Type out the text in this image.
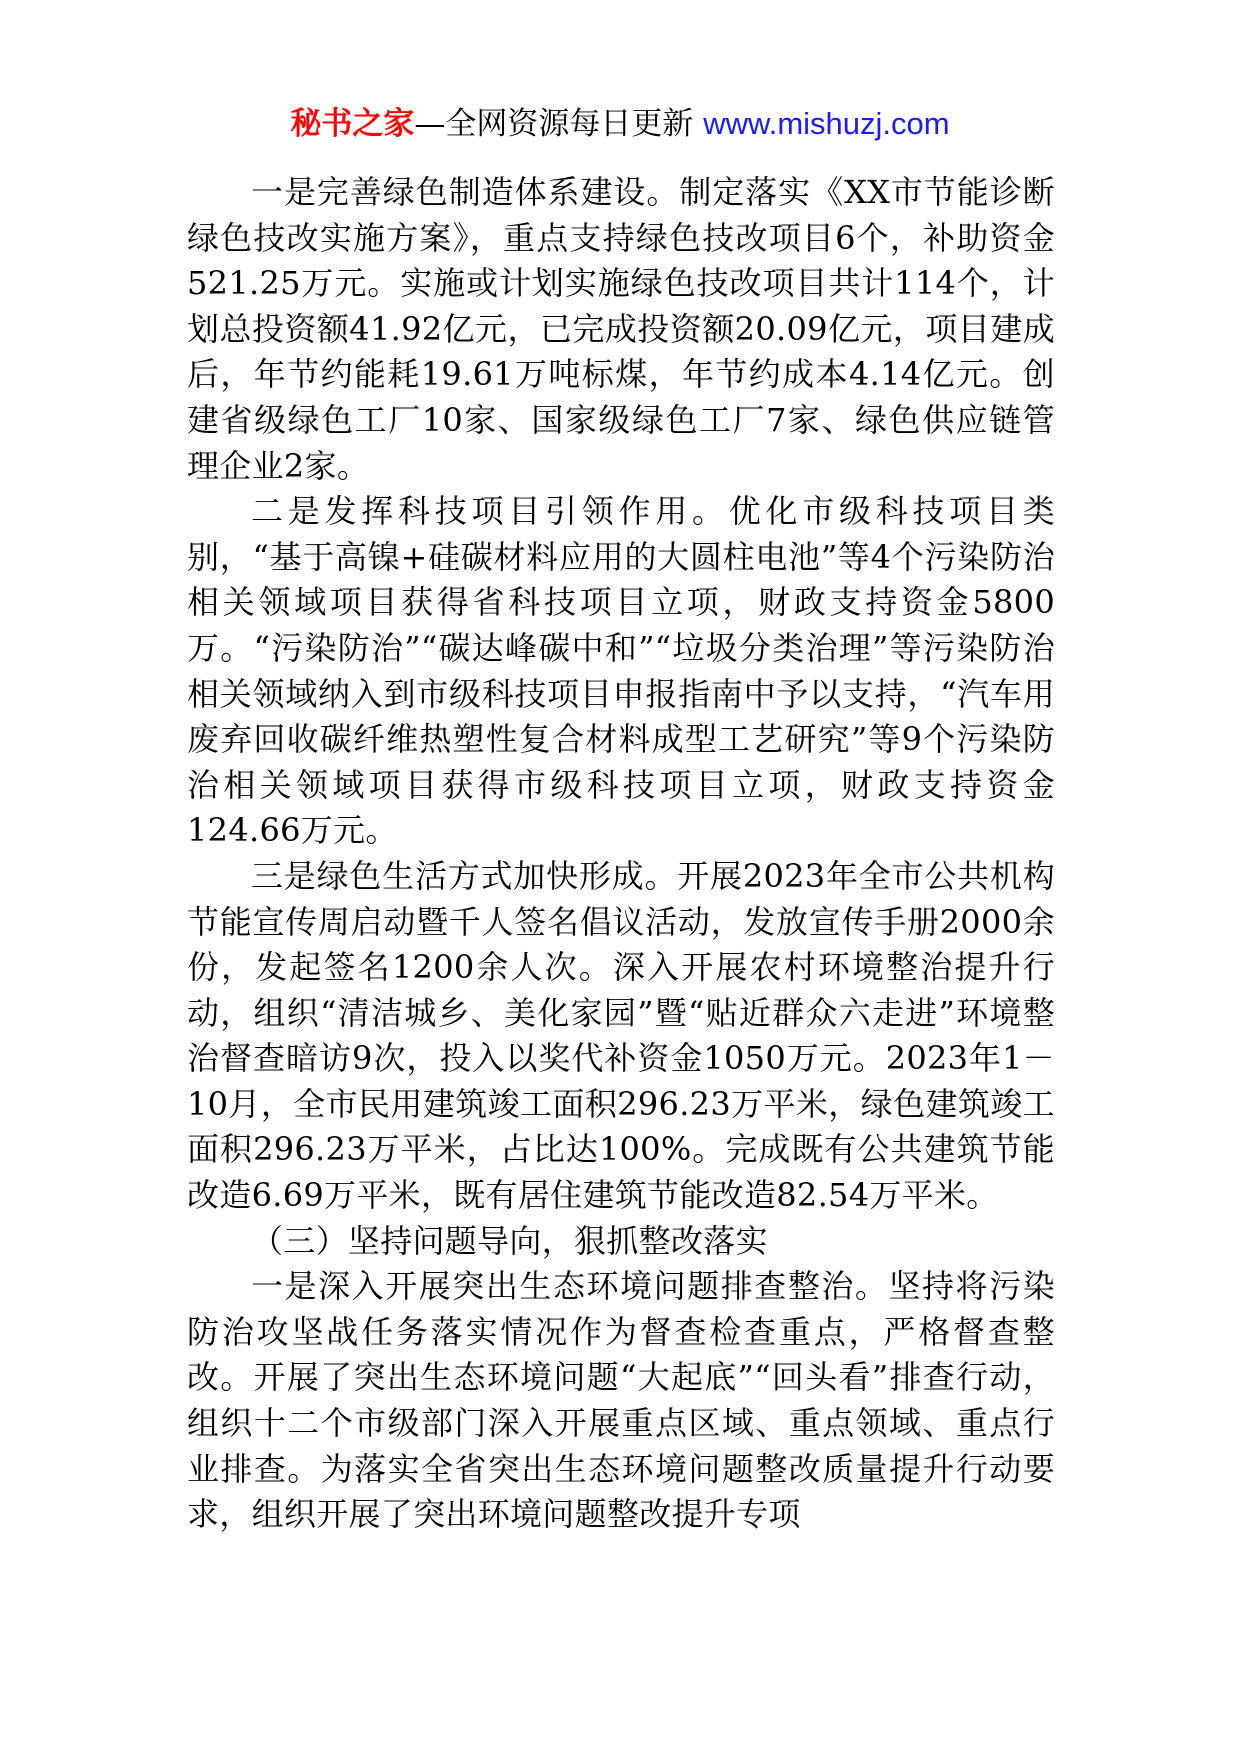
秘书之家—全网资源每日更新 www.mishuzj.com

一是完善绿色制造体系建设。制定落实《XX市节能诊断绿色技改实施方案》，重点支持绿色技改项目6个，补助资金521.25万元。实施或计划实施绿色技改项目共计114个，计划总投资额41.92亿元，已完成投资额20.09亿元，项目建成后，年节约能耗19.61万吨标煤，年节约成本4.14亿元。创建省级绿色工厂10家、国家级绿色工厂7家、绿色供应链管理企业2家。

二是发挥科技项目引领作用。优化市级科技项目类别，“基于高镍+硅碳材料应用的大圆柱电池”等4个污染防治相关领域项目获得省科技项目立项，财政支持资金5800万。“污染防治”“碳达峰碳中和”“垃圾分类治理”等污染防治相关领域纳入到市级科技项目申报指南中予以支持，“汽车用废弃回收碳纤维热塑性复合材料成型工艺研究”等9个污染防治相关领域项目获得市级科技项目立项，财政支持资金124.66万元。

三是绿色生活方式加快形成。开展2023年全市公共机构节能宣传周启动暨千人签名倡议活动，发放宣传手册2000余份，发起签名1200余人次。深入开展农村环境整治提升行动，组织“清洁城乡、美化家园”暨“贴近群众六走进”环境整治督查暗访9次，投入以奖代补资金1050万元。2023年1－10月，全市民用建筑竣工面积296.23万平米，绿色建筑竣工面积296.23万平米，占比达100%。完成既有公共建筑节能改造6.69万平米，既有居住建筑节能改造82.54万平米。

（三）坚持问题导向，狠抓整改落实

一是深入开展突出生态环境问题排查整治。坚持将污染防治攻坚战任务落实情况作为督查检查重点，严格督查整改。开展了突出生态环境问题“大起底”“回头看”排查行动，组织十二个市级部门深入开展重点区域、重点领域、重点行业排查。为落实全省突出生态环境问题整改质量提升行动要求，组织开展了突出环境问题整改提升专项
